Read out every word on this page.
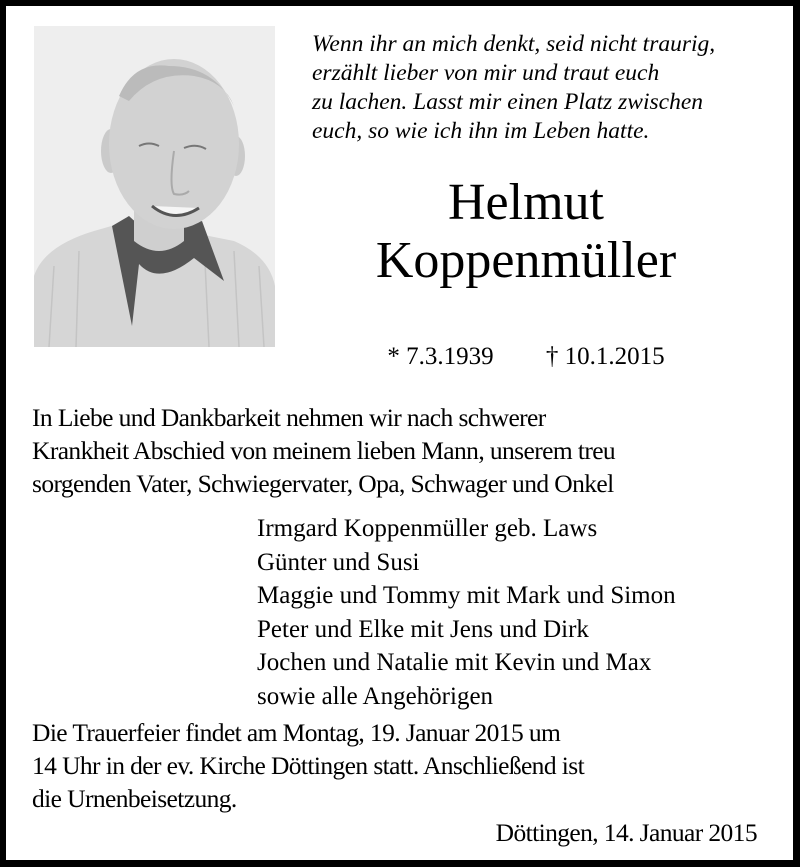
Wenn ihr an mich denkt, seid nicht traurig,
erzählt lieber von mir und traut euch
zu lachen. Lasst mir einen Platz zwischen
euch, so wie ich ihn im Leben hatte.
Helmut
Koppenmüller
* 7.3.1939 † 10.1.2015
In Liebe und Dankbarkeit nehmen wir nach schwerer
Krankheit Abschied von meinem lieben Mann, unserem treu
sorgenden Vater, Schwiegervater, Opa, Schwager und Onkel
Irmgard Koppenmüller geb. Laws
Günter und Susi
Maggie und Tommy mit Mark und Simon
Peter und Elke mit Jens und Dirk
Jochen und Natalie mit Kevin und Max
sowie alle Angehörigen
Die Trauerfeier findet am Montag, 19. Januar 2015 um
14 Uhr in der ev. Kirche Döttingen statt. Anschließend ist
die Urnenbeisetzung.
Döttingen, 14. Januar 2015
